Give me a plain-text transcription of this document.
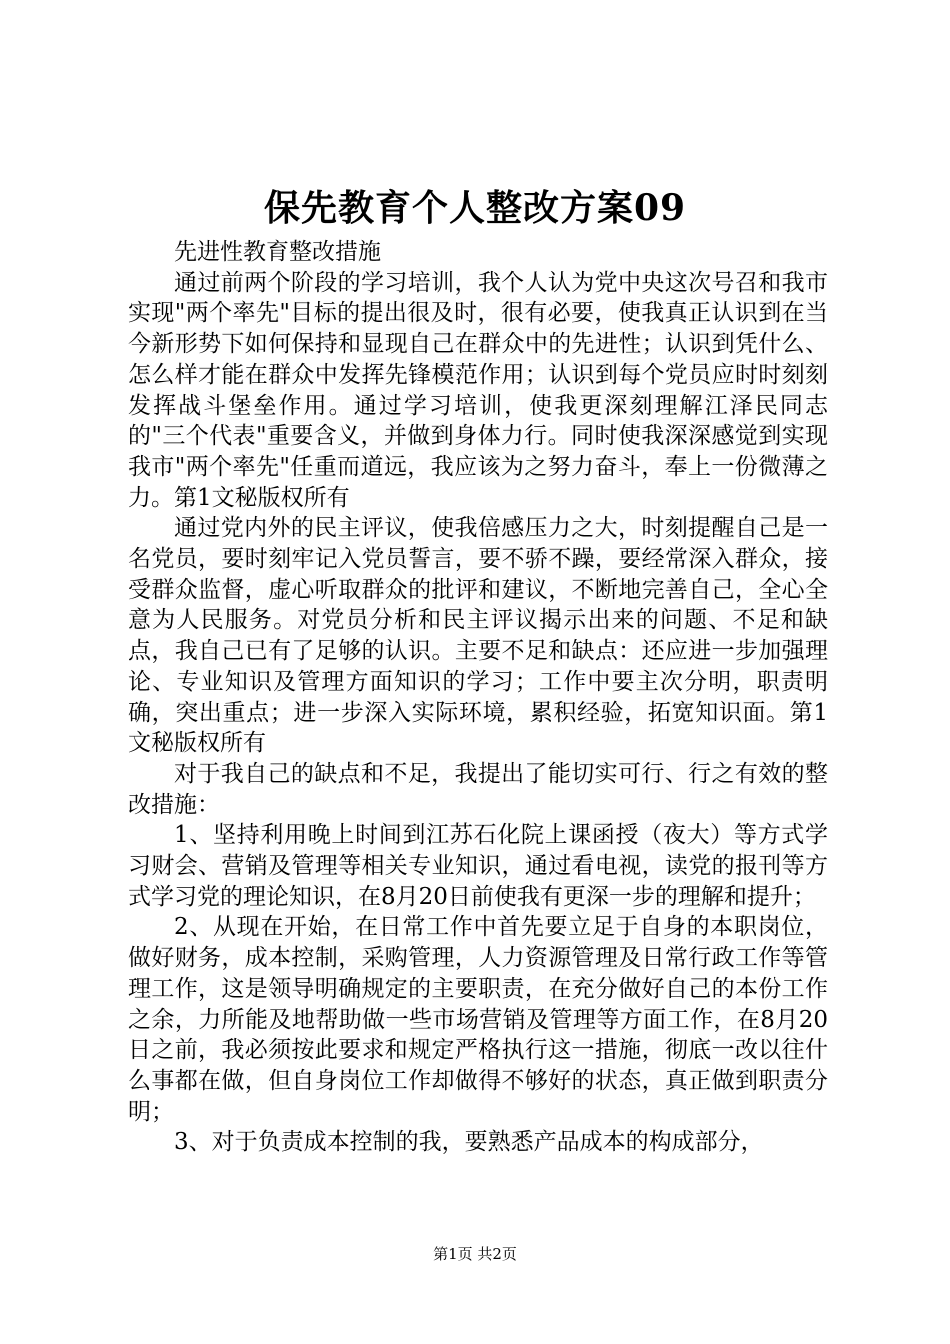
保先教育个人整改方案09

先进性教育整改措施

通过前两个阶段的学习培训，我个人认为党中央这次号召和我市实现"两个率先"目标的提出很及时，很有必要，使我真正认识到在当今新形势下如何保持和显现自己在群众中的先进性；认识到凭什么、怎么样才能在群众中发挥先锋模范作用；认识到每个党员应时时刻刻发挥战斗堡垒作用。通过学习培训，使我更深刻理解江泽民同志的"三个代表"重要含义，并做到身体力行。同时使我深深感觉到实现我市"两个率先"任重而道远，我应该为之努力奋斗，奉上一份微薄之力。第1文秘版权所有

通过党内外的民主评议，使我倍感压力之大，时刻提醒自己是一名党员，要时刻牢记入党员誓言，要不骄不躁，要经常深入群众，接受群众监督，虚心听取群众的批评和建议，不断地完善自己，全心全意为人民服务。对党员分析和民主评议揭示出来的问题、不足和缺点，我自己已有了足够的认识。主要不足和缺点：还应进一步加强理论、专业知识及管理方面知识的学习；工作中要主次分明，职责明确，突出重点；进一步深入实际环境，累积经验，拓宽知识面。第1文秘版权所有

对于我自己的缺点和不足，我提出了能切实可行、行之有效的整改措施：

1、坚持利用晚上时间到江苏石化院上课函授（夜大）等方式学习财会、营销及管理等相关专业知识，通过看电视，读党的报刊等方式学习党的理论知识，在8月20日前使我有更深一步的理解和提升；

2、从现在开始，在日常工作中首先要立足于自身的本职岗位，做好财务，成本控制，采购管理，人力资源管理及日常行政工作等管理工作，这是领导明确规定的主要职责，在充分做好自己的本份工作之余，力所能及地帮助做一些市场营销及管理等方面工作，在8月20日之前，我必须按此要求和规定严格执行这一措施，彻底一改以往什么事都在做，但自身岗位工作却做得不够好的状态，真正做到职责分明；

3、对于负责成本控制的我，要熟悉产品成本的构成部分，

第1页 共2页
